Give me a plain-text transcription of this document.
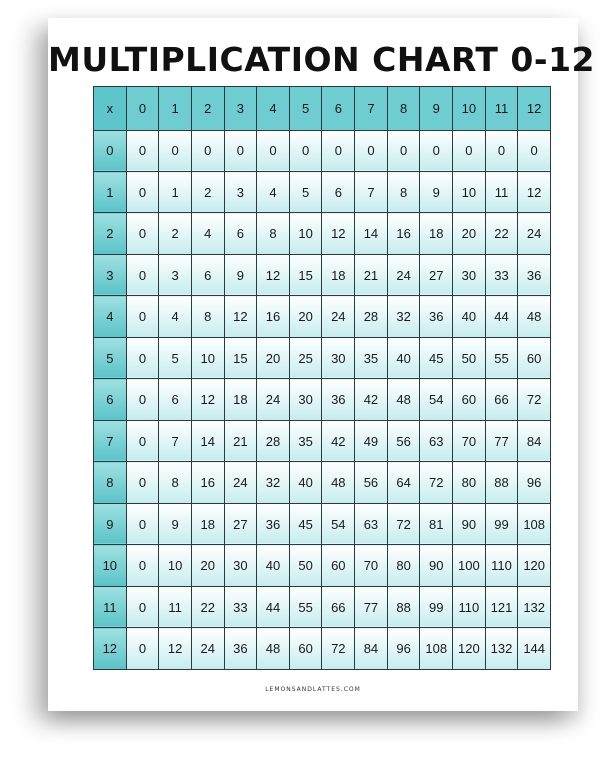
MULTIPLICATION CHART 0-12
x	0	1	2	3	4	5	6	7	8	9	10	11	12
0	0	0	0	0	0	0	0	0	0	0	0	0	0
1	0	1	2	3	4	5	6	7	8	9	10	11	12
2	0	2	4	6	8	10	12	14	16	18	20	22	24
3	0	3	6	9	12	15	18	21	24	27	30	33	36
4	0	4	8	12	16	20	24	28	32	36	40	44	48
5	0	5	10	15	20	25	30	35	40	45	50	55	60
6	0	6	12	18	24	30	36	42	48	54	60	66	72
7	0	7	14	21	28	35	42	49	56	63	70	77	84
8	0	8	16	24	32	40	48	56	64	72	80	88	96
9	0	9	18	27	36	45	54	63	72	81	90	99	108
10	0	10	20	30	40	50	60	70	80	90	100	110	120
11	0	11	22	33	44	55	66	77	88	99	110	121	132
12	0	12	24	36	48	60	72	84	96	108	120	132	144
LEMONSANDLATTES.COM
